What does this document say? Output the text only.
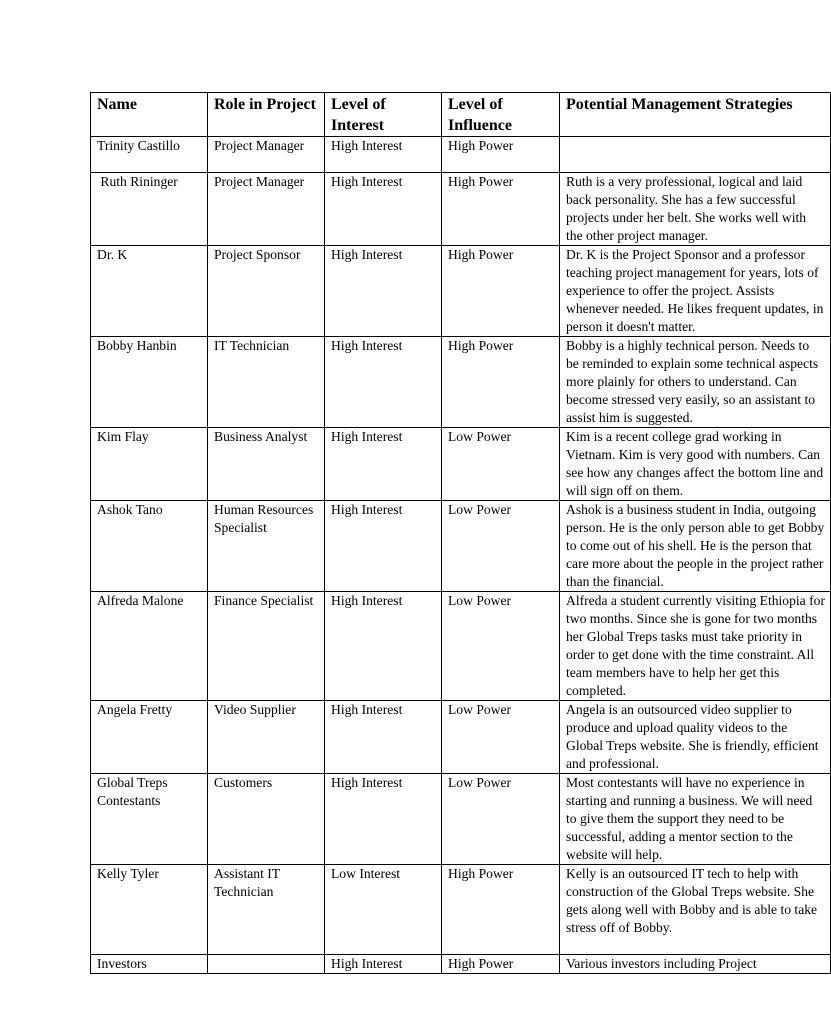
Name	Role in Project	Level of Interest	Level of Influence	Potential Management Strategies
Trinity Castillo	Project Manager	High Interest	High Power	
Ruth Rininger	Project Manager	High Interest	High Power	Ruth is a very professional, logical and laid back personality. She has a few successful projects under her belt. She works well with the other project manager.
Dr. K	Project Sponsor	High Interest	High Power	Dr. K is the Project Sponsor and a professor teaching project management for years, lots of experience to offer the project. Assists whenever needed. He likes frequent updates, in person it doesn't matter.
Bobby Hanbin	IT Technician	High Interest	High Power	Bobby is a highly technical person. Needs to be reminded to explain some technical aspects more plainly for others to understand. Can become stressed very easily, so an assistant to assist him is suggested.
Kim Flay	Business Analyst	High Interest	Low Power	Kim is a recent college grad working in Vietnam. Kim is very good with numbers. Can see how any changes affect the bottom line and will sign off on them.
Ashok Tano	Human Resources Specialist	High Interest	Low Power	Ashok is a business student in India, outgoing person. He is the only person able to get Bobby to come out of his shell. He is the person that care more about the people in the project rather than the financial.
Alfreda Malone	Finance Specialist	High Interest	Low Power	Alfreda a student currently visiting Ethiopia for two months. Since she is gone for two months her Global Treps tasks must take priority in order to get done with the time constraint. All team members have to help her get this completed.
Angela Fretty	Video Supplier	High Interest	Low Power	Angela is an outsourced video supplier to produce and upload quality videos to the Global Treps website. She is friendly, efficient and professional.
Global Treps Contestants	Customers	High Interest	Low Power	Most contestants will have no experience in starting and running a business. We will need to give them the support they need to be successful, adding a mentor section to the website will help.
Kelly Tyler	Assistant IT Technician	Low Interest	High Power	Kelly is an outsourced IT tech to help with construction of the Global Treps website. She gets along well with Bobby and is able to take stress off of Bobby.
Investors		High Interest	High Power	Various investors including Project
